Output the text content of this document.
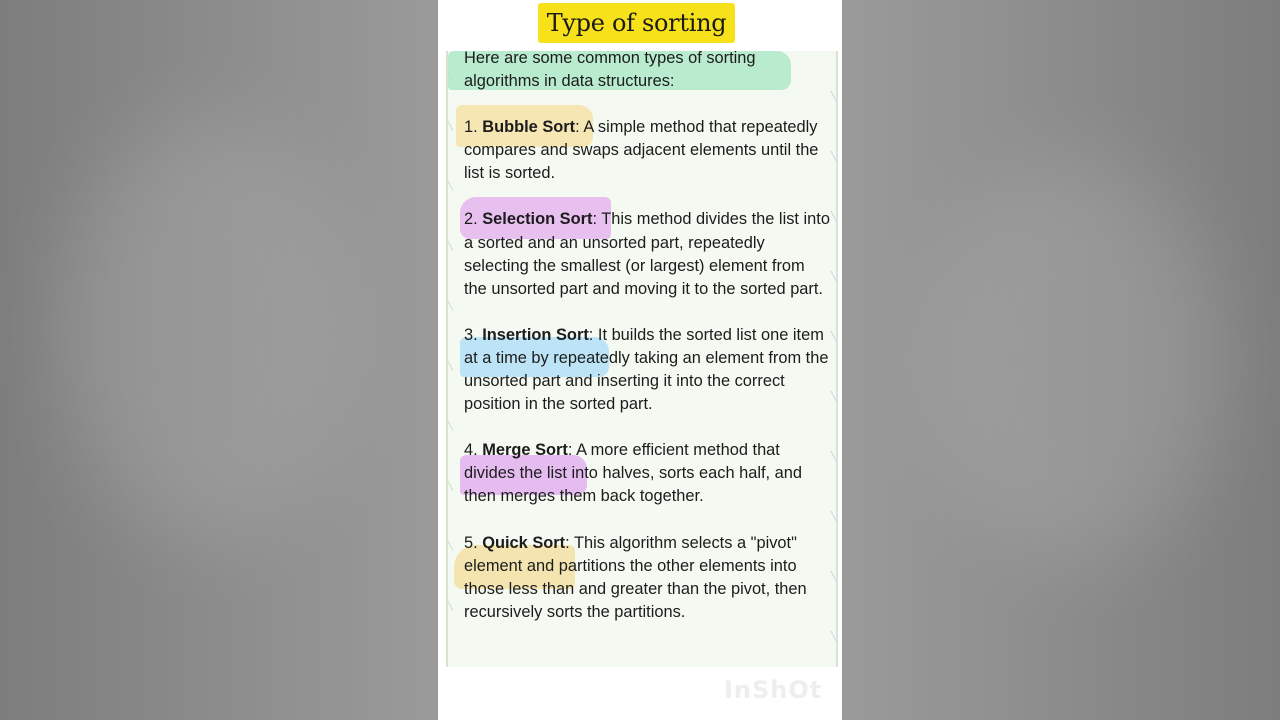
Type of sorting

Here are some common types of sorting algorithms in data structures:

1. Bubble Sort: A simple method that repeatedly compares and swaps adjacent elements until the list is sorted.

2. Selection Sort: This method divides the list into a sorted and an unsorted part, repeatedly selecting the smallest (or largest) element from the unsorted part and moving it to the sorted part.

3. Insertion Sort: It builds the sorted list one item at a time by repeatedly taking an element from the unsorted part and inserting it into the correct position in the sorted part.

4. Merge Sort: A more efficient method that divides the list into halves, sorts each half, and then merges them back together.

5. Quick Sort: This algorithm selects a "pivot" element and partitions the other elements into those less than and greater than the pivot, then recursively sorts the partitions.

InShOt
